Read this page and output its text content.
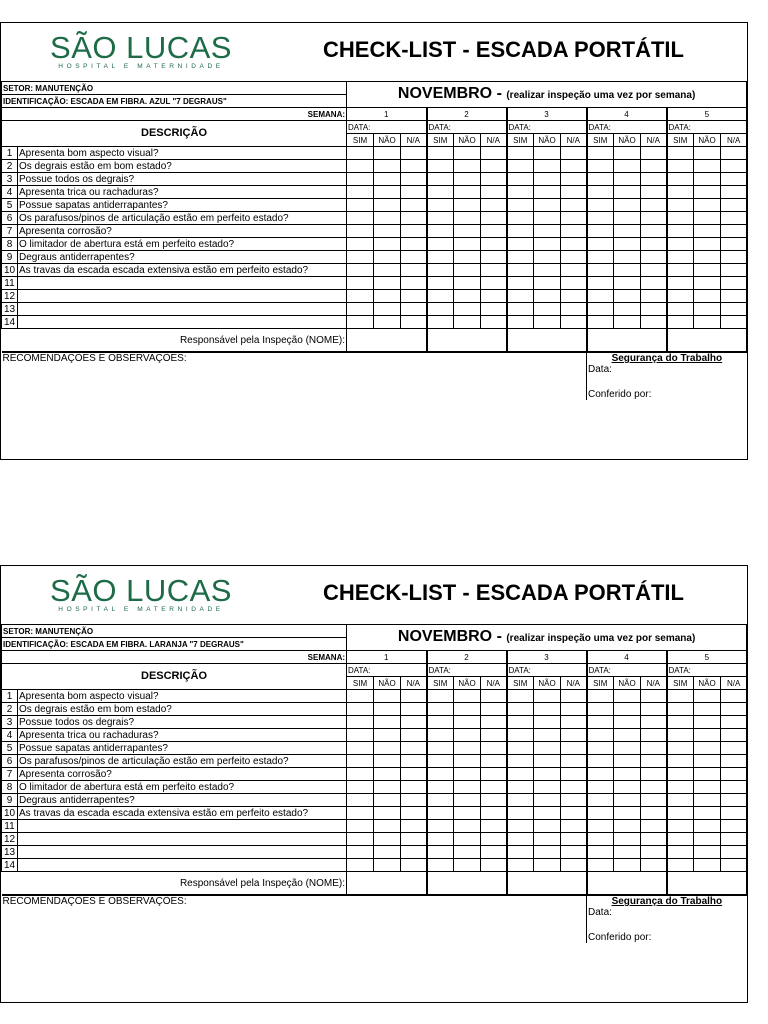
SÃO LUCAS
HOSPITAL E MATERNIDADE
CHECK-LIST - ESCADA PORTÁTIL
SETOR: MANUTENÇÃO		NOVEMBRO - (realizar inspeção uma vez por semana)														
IDENTIFICAÇÃO: ESCADA EM FIBRA. AZUL "7 DEGRAUS"																
SEMANA:		1			2			3			4			5		
DESCRIÇÃO		DATA:			DATA:			DATA:			DATA:			DATA:		
		SIM	NÃO	N/A	SIM	NÃO	N/A	SIM	NÃO	N/A	SIM	NÃO	N/A	SIM	NÃO	N/A
1	Apresenta bom aspecto visual?															
2	Os degrais estão em bom estado?															
3	Possue todos os degrais?															
4	Apresenta trica ou rachaduras?															
5	Possue sapatas antiderrapantes?															
6	Os parafusos/pinos de articulação estão em perfeito estado?															
7	Apresenta corrosão?															
8	O limitador de abertura está em perfeito estado?															
9	Degraus antiderrapentes?															
10	As travas da escada escada extensiva estão em perfeito estado?															
11																
12																
13																
14																
Responsável pela Inspeção (NOME):																
RECOMENDAÇÕES E OBSERVAÇÕES:											Segurança do Trabalho
Data:
Conferido por:					
SÃO LUCAS
HOSPITAL E MATERNIDADE
CHECK-LIST - ESCADA PORTÁTIL
SETOR: MANUTENÇÃO		NOVEMBRO - (realizar inspeção uma vez por semana)														
IDENTIFICAÇÃO: ESCADA EM FIBRA. LARANJA "7 DEGRAUS"																
SEMANA:		1			2			3			4			5		
DESCRIÇÃO		DATA:			DATA:			DATA:			DATA:			DATA:		
		SIM	NÃO	N/A	SIM	NÃO	N/A	SIM	NÃO	N/A	SIM	NÃO	N/A	SIM	NÃO	N/A
1	Apresenta bom aspecto visual?															
2	Os degrais estão em bom estado?															
3	Possue todos os degrais?															
4	Apresenta trica ou rachaduras?															
5	Possue sapatas antiderrapantes?															
6	Os parafusos/pinos de articulação estão em perfeito estado?															
7	Apresenta corrosão?															
8	O limitador de abertura está em perfeito estado?															
9	Degraus antiderrapentes?															
10	As travas da escada escada extensiva estão em perfeito estado?															
11																
12																
13																
14																
Responsável pela Inspeção (NOME):																
RECOMENDAÇÕES E OBSERVAÇÕES:											Segurança do Trabalho
Data:
Conferido por:					
